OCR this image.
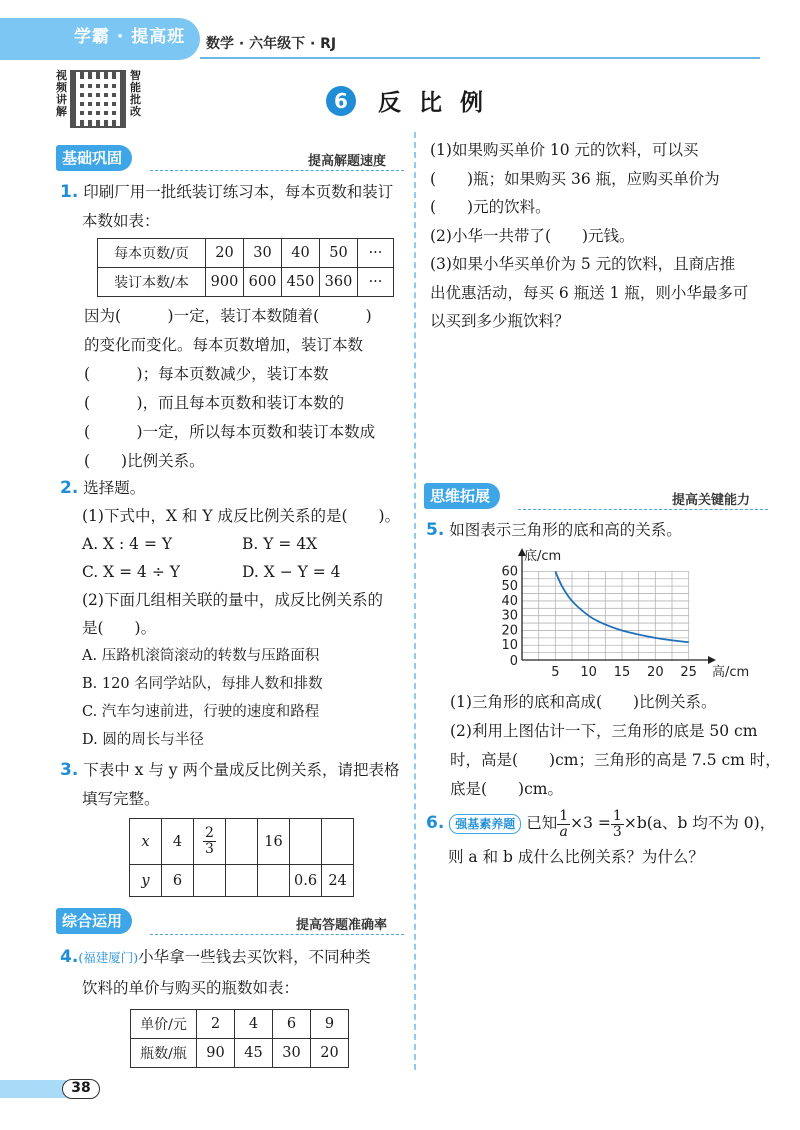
学霸 · 提高班 数学 · 六年级下 · RJ
视频讲解
智能批改	6	反比例
基础巩固	提高解题速度
1. 印刷厂用一批纸装订练习本，每本页数和装订
本数如表：
每本页数/页	20	30	40	50	···
装订本数/本	900	600	450	360	···
因为(　　　)一定，装订本数随着(　　　)
的变化而变化。每本页数增加，装订本数
(　　　)；每本页数减少，装订本数
(　　　)，而且每本页数和装订本数的
(　　　)一定，所以每本页数和装订本数成
(　　)比例关系。
2. 选择题。
(1)下式中，X 和 Y 成反比例关系的是(　　)。
A. X : 4 = Y	B. Y = 4X
C. X = 4 ÷ Y	D. X − Y = 4
(2)下面几组相关联的量中，成反比例关系的
是(　　)。
A. 压路机滚筒滚动的转数与压路面积
B. 120 名同学站队，每排人数和排数
C. 汽车匀速前进，行驶的速度和路程
D. 圆的周长与半径
3. 下表中 x 与 y 两个量成反比例关系，请把表格
填写完整。
x	4	$\frac{2}{3}$		16		
y	6				0.6	24
综合运用	提高答题准确率
4.(福建厦门)小华拿一些钱去买饮料，不同种类
饮料的单价与购买的瓶数如表：
单价/元	2	4	6	9
瓶数/瓶	90	45	30	20
(1)如果购买单价 10 元的饮料，可以买
(　　)瓶；如果购买 36 瓶，应购买单价为
(　　)元的饮料。
(2)小华一共带了(　　)元钱。
(3)如果小华买单价为 5 元的饮料，且商店推
出优惠活动，每买 6 瓶送 1 瓶，则小华最多可
以买到多少瓶饮料？
思维拓展	提高关键能力
5. 如图表示三角形的底和高的关系。
10
20
30
40
50
60
0
5 10 15 20 25
底/cm
高/cm
(1)三角形的底和高成(　　)比例关系。
(2)利用上图估计一下，三角形的底是 50 cm
时，高是(　　)cm；三角形的高是 7.5 cm 时，
底是(　　)cm。
6. 强基素养题 已知 $\frac{1}{a} \times 3 = \frac{1}{3} \times b(a$、b 均不为 0)，
则 a 和 b 成什么比例关系？为什么？
38
